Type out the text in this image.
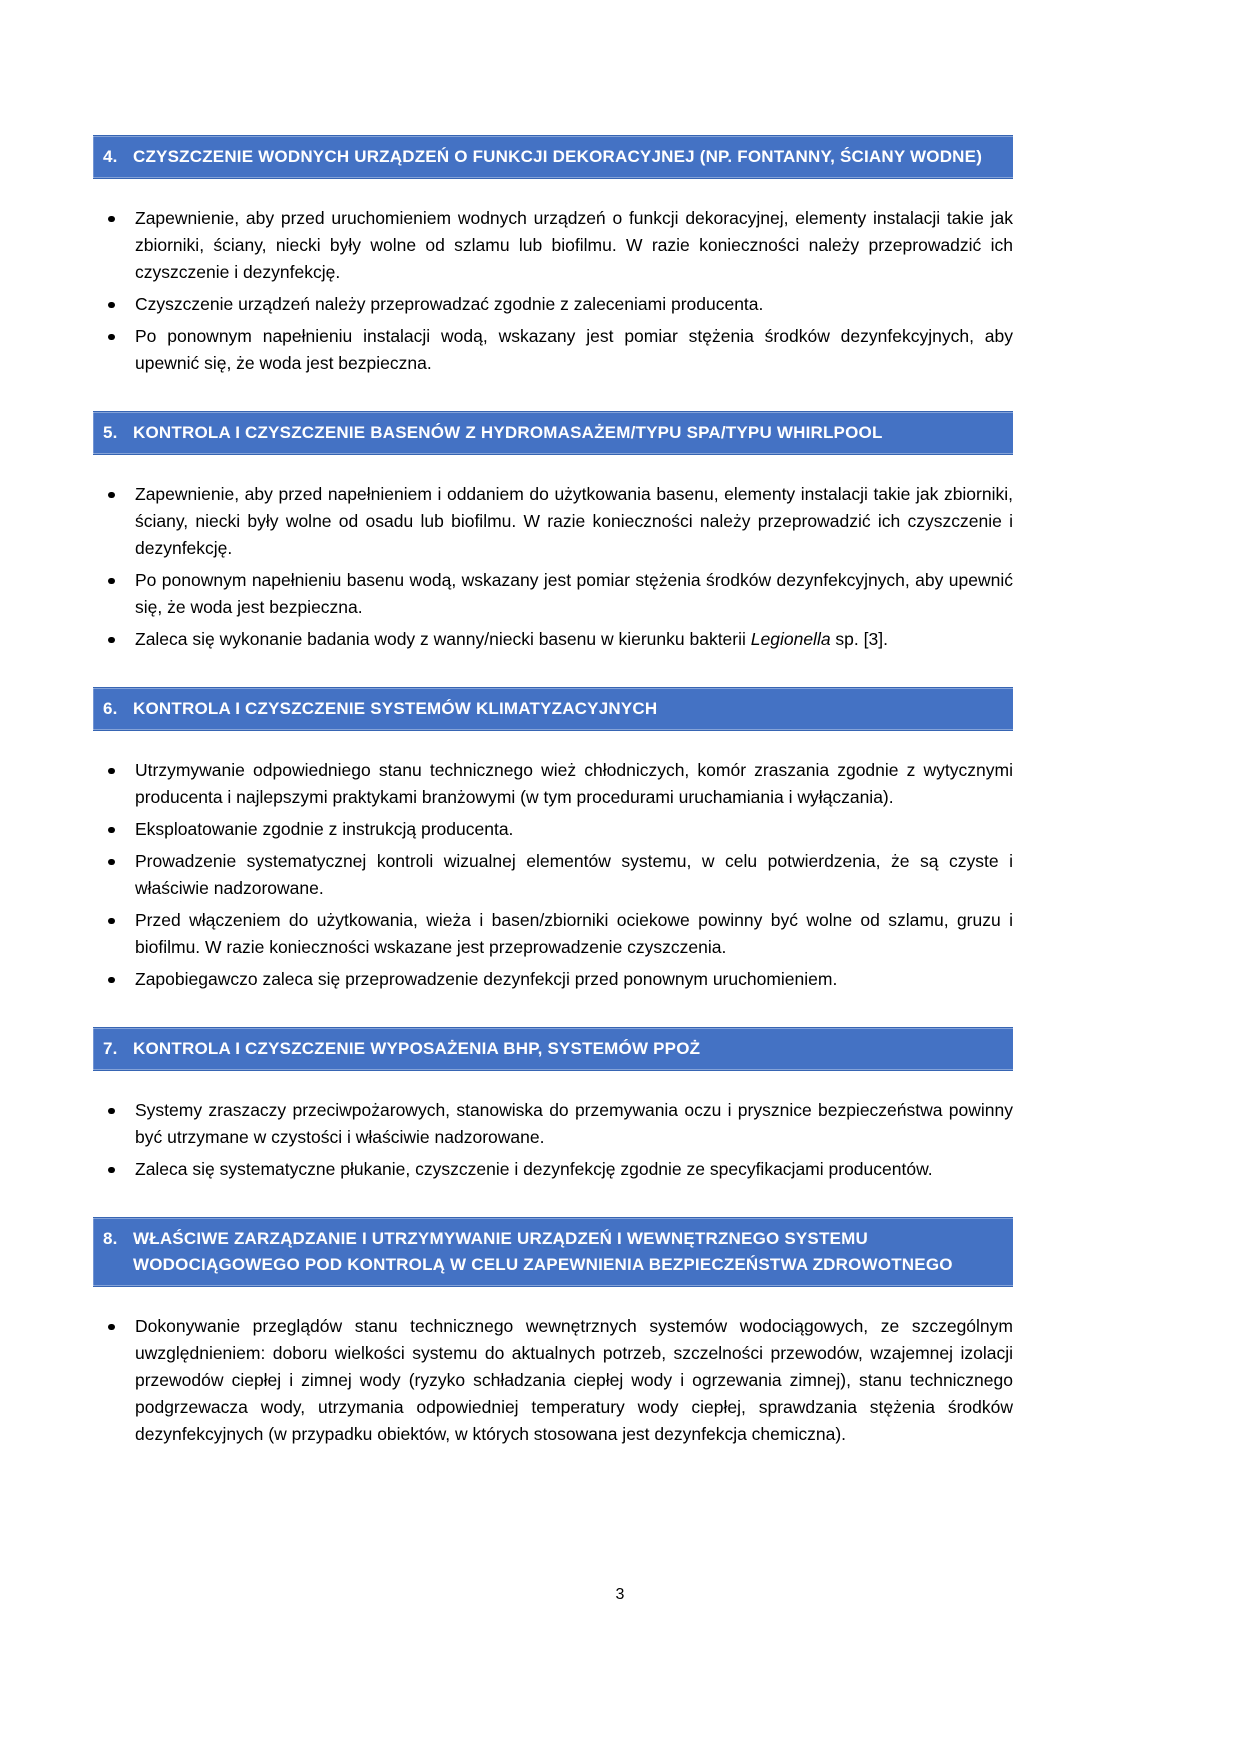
4. CZYSZCZENIE WODNYCH URZĄDZEŃ O FUNKCJI DEKORACYJNEJ (NP. FONTANNY, ŚCIANY WODNE)
Zapewnienie, aby przed uruchomieniem wodnych urządzeń o funkcji dekoracyjnej, elementy instalacji takie jak zbiorniki, ściany, niecki były wolne od szlamu lub biofilmu. W razie konieczności należy przeprowadzić ich czyszczenie i dezynfekcję.
Czyszczenie urządzeń należy przeprowadzać zgodnie z zaleceniami producenta.
Po ponownym napełnieniu instalacji wodą, wskazany jest pomiar stężenia środków dezynfekcyjnych, aby upewnić się, że woda jest bezpieczna.
5. KONTROLA I CZYSZCZENIE BASENÓW Z HYDROMASAŻEM/TYPU SPA/TYPU WHIRLPOOL
Zapewnienie, aby przed napełnieniem i oddaniem do użytkowania basenu, elementy instalacji takie jak zbiorniki, ściany, niecki były wolne od osadu lub biofilmu. W razie konieczności należy przeprowadzić ich czyszczenie i dezynfekcję.
Po ponownym napełnieniu basenu wodą, wskazany jest pomiar stężenia środków dezynfekcyjnych, aby upewnić się, że woda jest bezpieczna.
Zaleca się wykonanie badania wody z wanny/niecki basenu w kierunku bakterii Legionella sp. [3].
6. KONTROLA I CZYSZCZENIE SYSTEMÓW KLIMATYZACYJNYCH
Utrzymywanie odpowiedniego stanu technicznego wież chłodniczych, komór zraszania zgodnie z wytycznymi producenta i najlepszymi praktykami branżowymi (w tym procedurami uruchamiania i wyłączania).
Eksploatowanie zgodnie z instrukcją producenta.
Prowadzenie systematycznej kontroli wizualnej elementów systemu, w celu potwierdzenia, że są czyste i właściwie nadzorowane.
Przed włączeniem do użytkowania, wieża i basen/zbiorniki ociekowe powinny być wolne od szlamu, gruzu i biofilmu. W razie konieczności wskazane jest przeprowadzenie czyszczenia.
Zapobiegawczo zaleca się przeprowadzenie dezynfekcji przed ponownym uruchomieniem.
7. KONTROLA I CZYSZCZENIE WYPOSAŻENIA BHP, SYSTEMÓW PPOŻ
Systemy zraszaczy przeciwpożarowych, stanowiska do przemywania oczu i prysznice bezpieczeństwa powinny być utrzymane w czystości i właściwie nadzorowane.
Zaleca się systematyczne płukanie, czyszczenie i dezynfekcję zgodnie ze specyfikacjami producentów.
8. WŁAŚCIWE ZARZĄDZANIE I UTRZYMYWANIE URZĄDZEŃ I WEWNĘTRZNEGO SYSTEMU WODOCIĄGOWEGO POD KONTROLĄ W CELU ZAPEWNIENIA BEZPIECZEŃSTWA ZDROWOTNEGO
Dokonywanie przeglądów stanu technicznego wewnętrznych systemów wodociągowych, ze szczególnym uwzględnieniem: doboru wielkości systemu do aktualnych potrzeb, szczelności przewodów, wzajemnej izolacji przewodów ciepłej i zimnej wody (ryzyko schładzania ciepłej wody i ogrzewania zimnej), stanu technicznego podgrzewacza wody, utrzymania odpowiedniej temperatury wody ciepłej, sprawdzania stężenia środków dezynfekcyjnych (w przypadku obiektów, w których stosowana jest dezynfekcja chemiczna).
3
